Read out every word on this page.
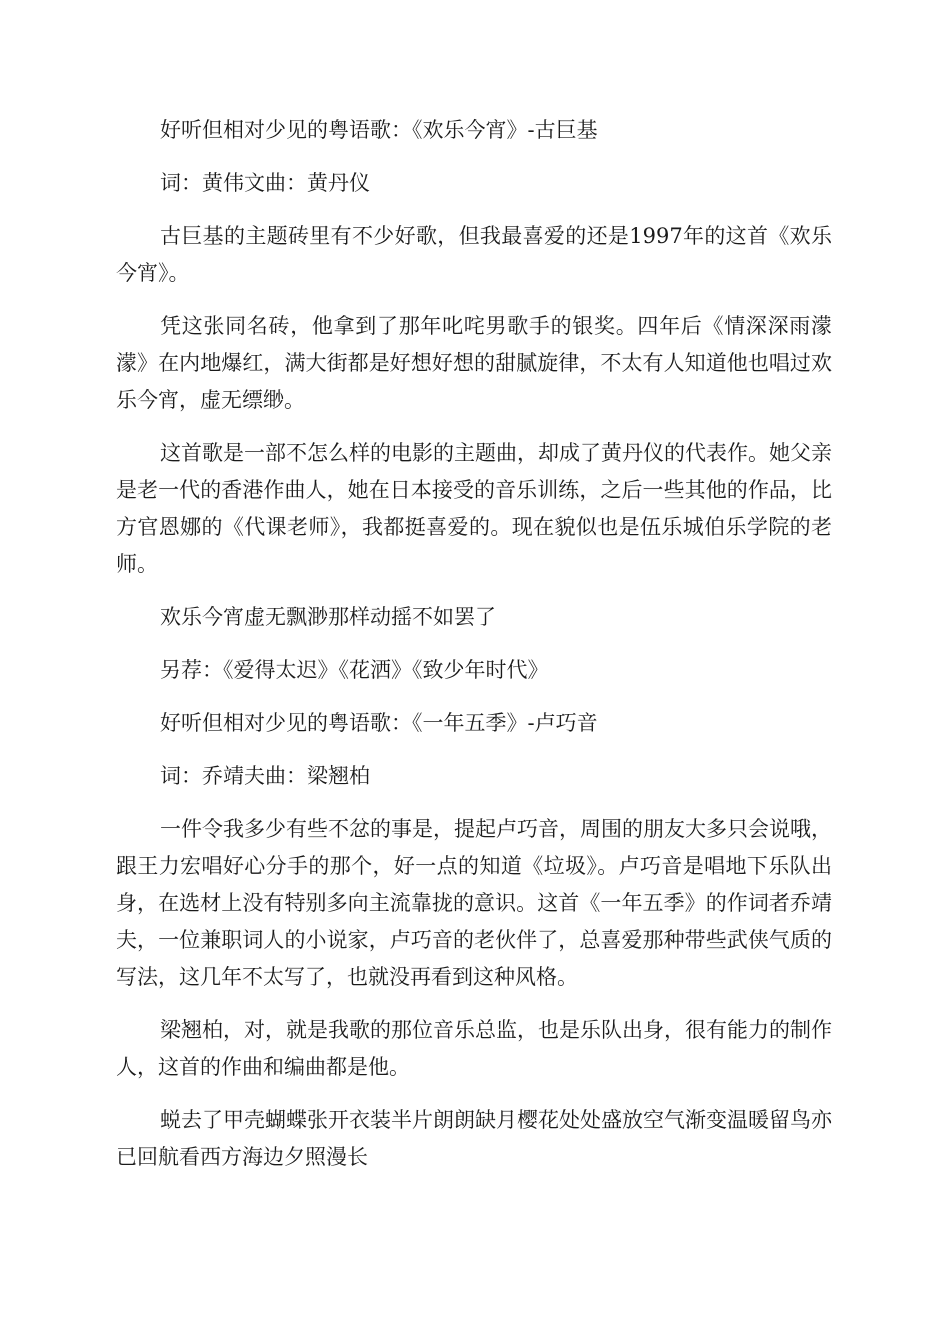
好听但相对少见的粤语歌：《欢乐今宵》-古巨基

词：黄伟文曲：黄丹仪

古巨基的主题砖里有不少好歌，但我最喜爱的还是1997年的这首《欢乐今宵》。

凭这张同名砖，他拿到了那年叱咤男歌手的银奖。四年后《情深深雨濛濛》在内地爆红，满大街都是好想好想的甜腻旋律，不太有人知道他也唱过欢乐今宵，虚无缥缈。

这首歌是一部不怎么样的电影的主题曲，却成了黄丹仪的代表作。她父亲是老一代的香港作曲人，她在日本接受的音乐训练，之后一些其他的作品，比方官恩娜的《代课老师》，我都挺喜爱的。现在貌似也是伍乐城伯乐学院的老师。

欢乐今宵虚无飘渺那样动摇不如罢了

另荐：《爱得太迟》《花洒》《致少年时代》

好听但相对少见的粤语歌：《一年五季》-卢巧音

词：乔靖夫曲：梁翘柏

一件令我多少有些不忿的事是，提起卢巧音，周围的朋友大多只会说哦，跟王力宏唱好心分手的那个，好一点的知道《垃圾》。卢巧音是唱地下乐队出身，在选材上没有特别多向主流靠拢的意识。这首《一年五季》的作词者乔靖夫，一位兼职词人的小说家，卢巧音的老伙伴了，总喜爱那种带些武侠气质的写法，这几年不太写了，也就没再看到这种风格。

梁翘柏，对，就是我歌的那位音乐总监，也是乐队出身，很有能力的制作人，这首的作曲和编曲都是他。

蜕去了甲壳蝴蝶张开衣装半片朗朗缺月樱花处处盛放空气渐变温暖留鸟亦已回航看西方海边夕照漫长
